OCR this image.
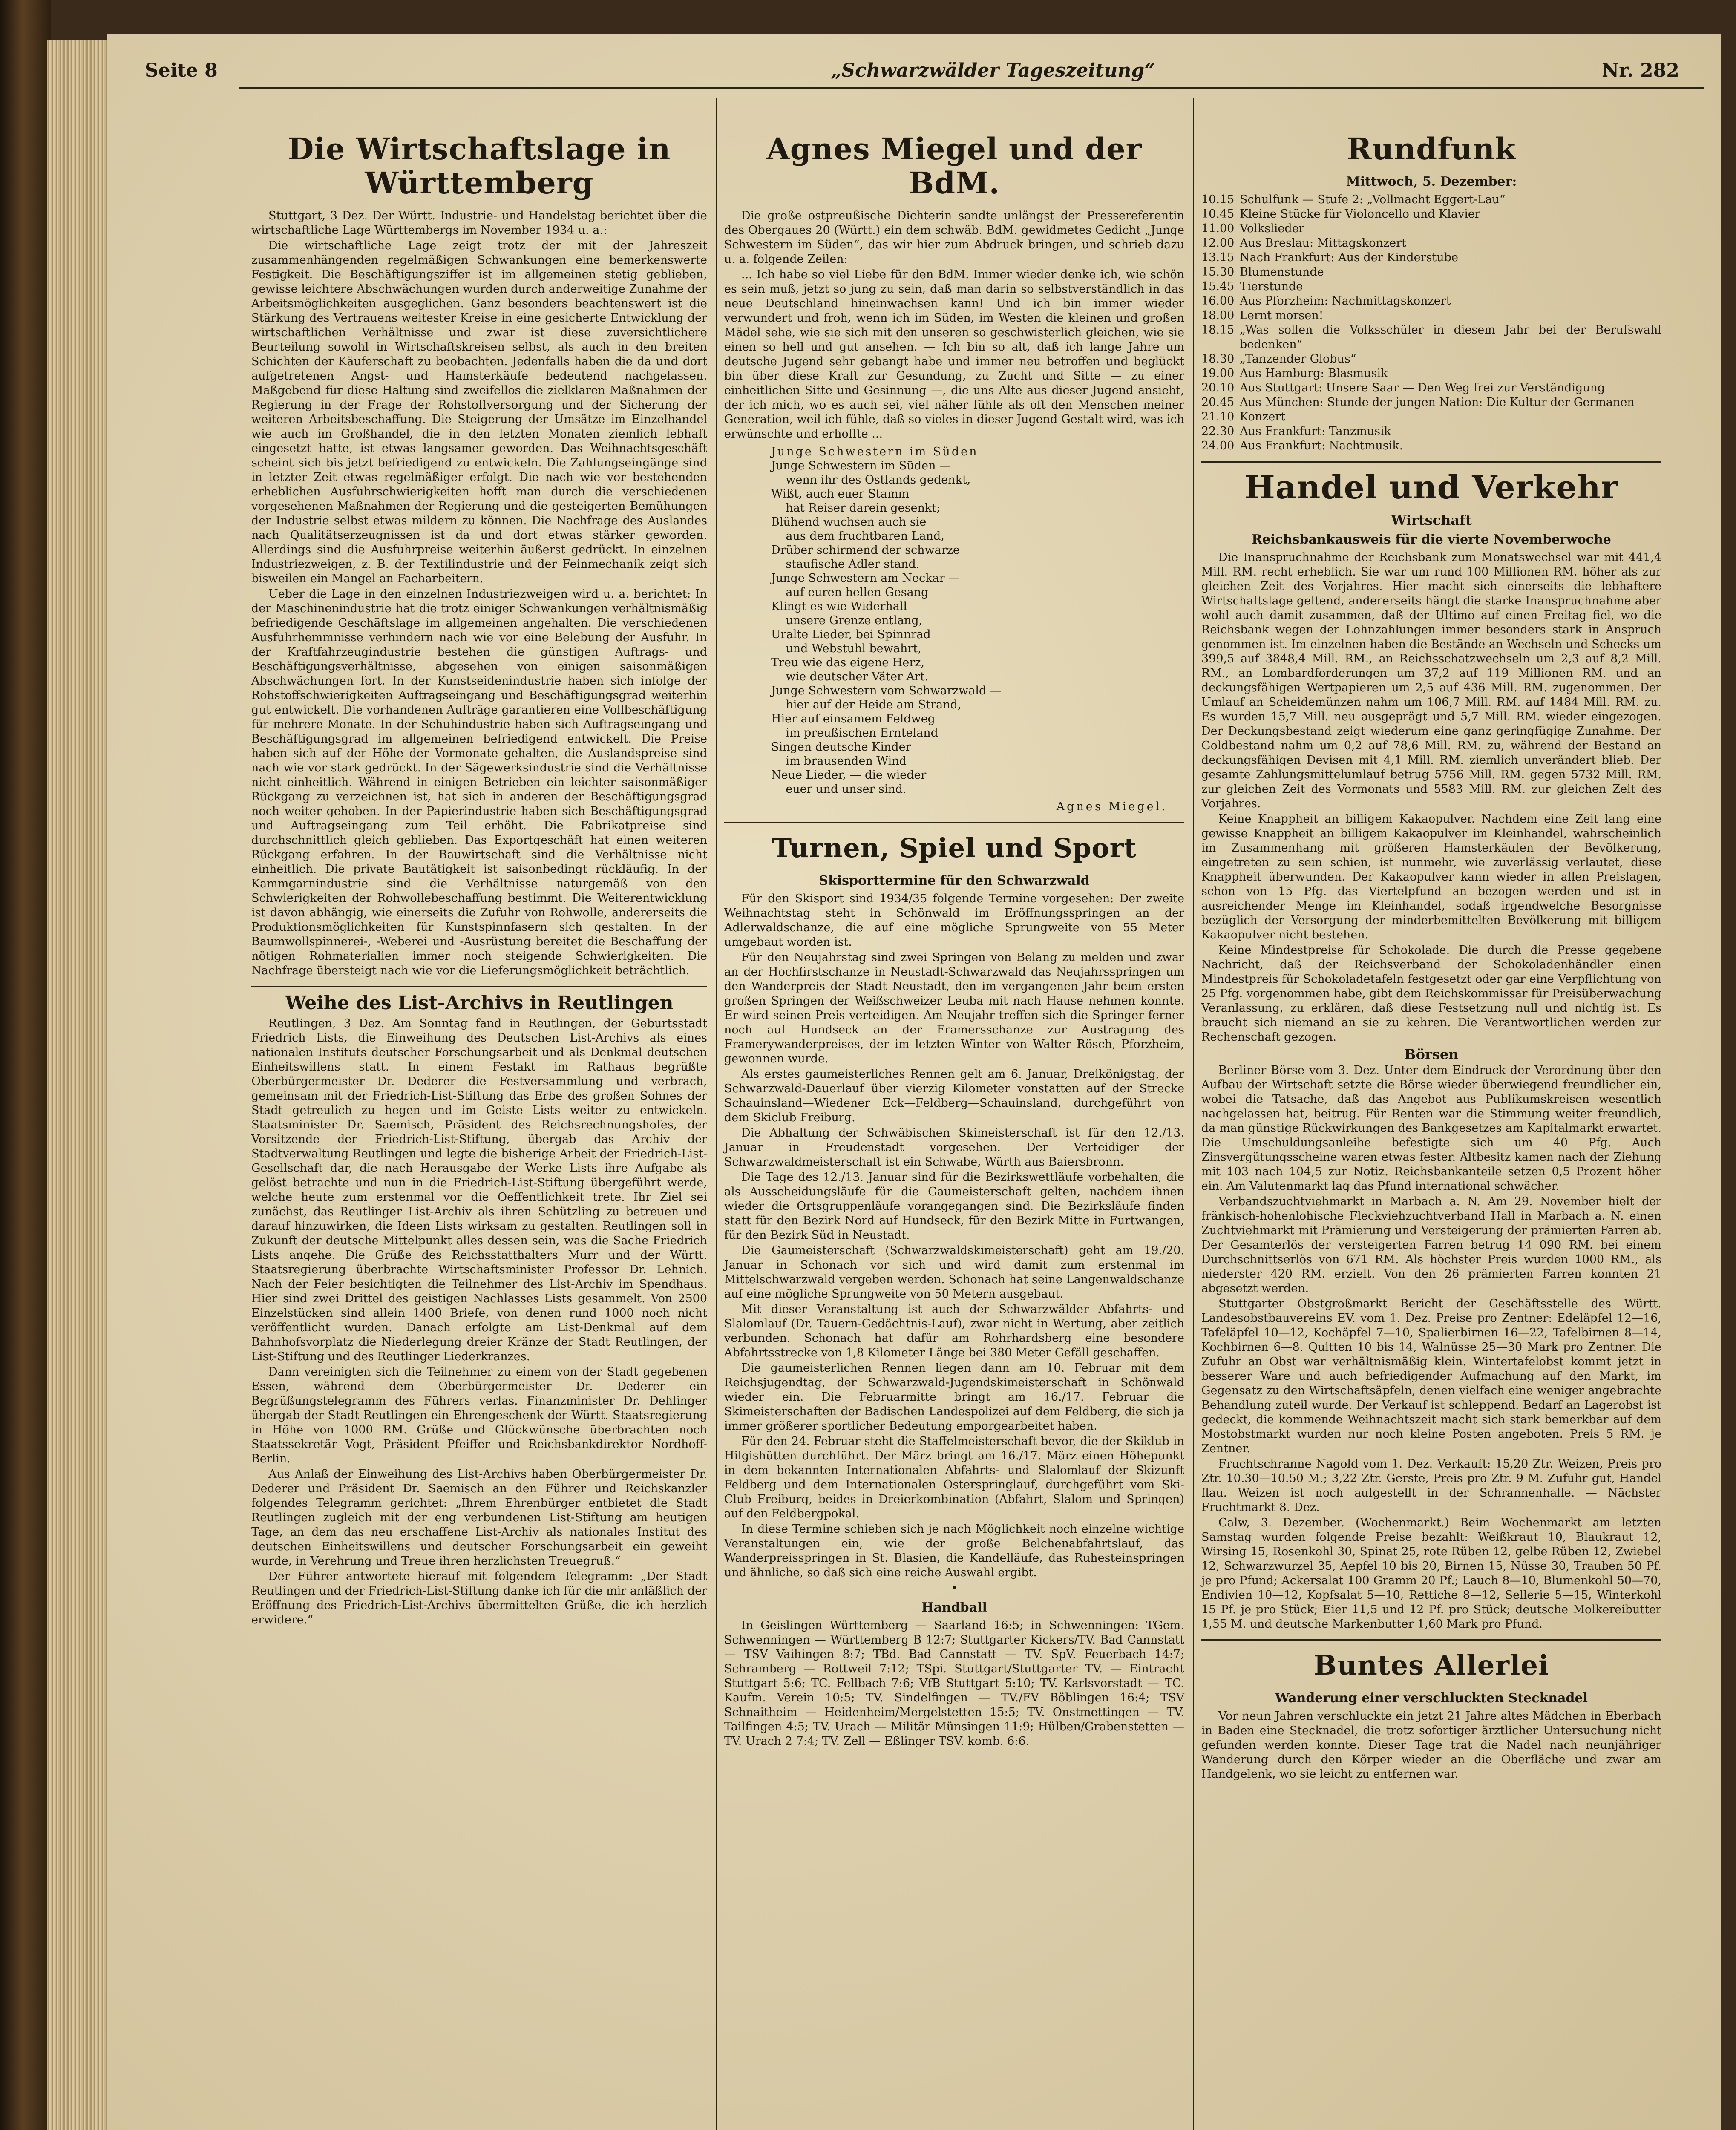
Seite 8	„Schwarzwälder Tageszeitung“	Nr. 282
Die Wirtschaftslage in Württemberg

Stuttgart, 3 Dez. Der Württ. Industrie- und Handelstag berichtet über die wirtschaftliche Lage Württembergs im November 1934 u. a.:

Die wirtschaftliche Lage zeigt trotz der mit der Jahreszeit zusammenhängenden regelmäßigen Schwankungen eine bemerkenswerte Festigkeit. Die Beschäftigungsziffer ist im allgemeinen stetig geblieben, gewisse leichtere Abschwächungen wurden durch anderweitige Zunahme der Arbeitsmöglichkeiten ausgeglichen. Ganz besonders beachtenswert ist die Stärkung des Vertrauens weitester Kreise in eine gesicherte Entwicklung der wirtschaftlichen Verhältnisse und zwar ist diese zuversichtlichere Beurteilung sowohl in Wirtschaftskreisen selbst, als auch in den breiten Schichten der Käuferschaft zu beobachten. Jedenfalls haben die da und dort aufgetretenen Angst- und Hamsterkäufe bedeutend nachgelassen. Maßgebend für diese Haltung sind zweifellos die zielklaren Maßnahmen der Regierung in der Frage der Rohstoffversorgung und der Sicherung der weiteren Arbeitsbeschaffung. Die Steigerung der Umsätze im Einzelhandel wie auch im Großhandel, die in den letzten Monaten ziemlich lebhaft eingesetzt hatte, ist etwas langsamer geworden. Das Weihnachtsgeschäft scheint sich bis jetzt befriedigend zu entwickeln. Die Zahlungseingänge sind in letzter Zeit etwas regelmäßiger erfolgt. Die nach wie vor bestehenden erheblichen Ausfuhrschwierigkeiten hofft man durch die verschiedenen vorgesehenen Maßnahmen der Regierung und die gesteigerten Bemühungen der Industrie selbst etwas mildern zu können. Die Nachfrage des Auslandes nach Qualitätserzeugnissen ist da und dort etwas stärker geworden. Allerdings sind die Ausfuhrpreise weiterhin äußerst gedrückt. In einzelnen Industriezweigen, z. B. der Textilindustrie und der Feinmechanik zeigt sich bisweilen ein Mangel an Facharbeitern.

Ueber die Lage in den einzelnen Industriezweigen wird u. a. berichtet: In der Maschinenindustrie hat die trotz einiger Schwankungen verhältnismäßig befriedigende Geschäftslage im allgemeinen angehalten. Die verschiedenen Ausfuhrhemmnisse verhindern nach wie vor eine Belebung der Ausfuhr. In der Kraftfahrzeugindustrie bestehen die günstigen Auftrags- und Beschäftigungsverhältnisse, abgesehen von einigen saisonmäßigen Abschwächungen fort. In der Kunstseidenindustrie haben sich infolge der Rohstoffschwierigkeiten Auftragseingang und Beschäftigungsgrad weiterhin gut entwickelt. Die vorhandenen Aufträge garantieren eine Vollbeschäftigung für mehrere Monate. In der Schuhindustrie haben sich Auftragseingang und Beschäftigungsgrad im allgemeinen befriedigend entwickelt. Die Preise haben sich auf der Höhe der Vormonate gehalten, die Auslandspreise sind nach wie vor stark gedrückt. In der Sägewerksindustrie sind die Verhältnisse nicht einheitlich. Während in einigen Betrieben ein leichter saisonmäßiger Rückgang zu verzeichnen ist, hat sich in anderen der Beschäftigungsgrad noch weiter gehoben. In der Papierindustrie haben sich Beschäftigungsgrad und Auftragseingang zum Teil erhöht. Die Fabrikatpreise sind durchschnittlich gleich geblieben. Das Exportgeschäft hat einen weiteren Rückgang erfahren. In der Bauwirtschaft sind die Verhältnisse nicht einheitlich. Die private Bautätigkeit ist saisonbedingt rückläufig. In der Kammgarnindustrie sind die Verhältnisse naturgemäß von den Schwierigkeiten der Rohwollebeschaffung bestimmt. Die Weiterentwicklung ist davon abhängig, wie einerseits die Zufuhr von Rohwolle, andererseits die Produktionsmöglichkeiten für Kunstspinnfasern sich gestalten. In der Baumwollspinnerei-, -Weberei und -Ausrüstung bereitet die Beschaffung der nötigen Rohmaterialien immer noch steigende Schwierigkeiten. Die Nachfrage übersteigt nach wie vor die Lieferungsmöglichkeit beträchtlich.

Weihe des List-Archivs in Reutlingen

Reutlingen, 3 Dez. Am Sonntag fand in Reutlingen, der Geburtsstadt Friedrich Lists, die Einweihung des Deutschen List-Archivs als eines nationalen Instituts deutscher Forschungsarbeit und als Denkmal deutschen Einheitswillens statt. In einem Festakt im Rathaus begrüßte Oberbürgermeister Dr. Dederer die Festversammlung und verbrach, gemeinsam mit der Friedrich-List-Stiftung das Erbe des großen Sohnes der Stadt getreulich zu hegen und im Geiste Lists weiter zu entwickeln. Staatsminister Dr. Saemisch, Präsident des Reichsrechnungshofes, der Vorsitzende der Friedrich-List-Stiftung, übergab das Archiv der Stadtverwaltung Reutlingen und legte die bisherige Arbeit der Friedrich-List-Gesellschaft dar, die nach Herausgabe der Werke Lists ihre Aufgabe als gelöst betrachte und nun in die Friedrich-List-Stiftung übergeführt werde, welche heute zum erstenmal vor die Oeffentlichkeit trete. Ihr Ziel sei zunächst, das Reutlinger List-Archiv als ihren Schützling zu betreuen und darauf hinzuwirken, die Ideen Lists wirksam zu gestalten. Reutlingen soll in Zukunft der deutsche Mittelpunkt alles dessen sein, was die Sache Friedrich Lists angehe. Die Grüße des Reichsstatthalters Murr und der Württ. Staatsregierung überbrachte Wirtschaftsminister Professor Dr. Lehnich. Nach der Feier besichtigten die Teilnehmer des List-Archiv im Spendhaus. Hier sind zwei Drittel des geistigen Nachlasses Lists gesammelt. Von 2500 Einzelstücken sind allein 1400 Briefe, von denen rund 1000 noch nicht veröffentlicht wurden. Danach erfolgte am List-Denkmal auf dem Bahnhofsvorplatz die Niederlegung dreier Kränze der Stadt Reutlingen, der List-Stiftung und des Reutlinger Liederkranzes.

Dann vereinigten sich die Teilnehmer zu einem von der Stadt gegebenen Essen, während dem Oberbürgermeister Dr. Dederer ein Begrüßungstelegramm des Führers verlas. Finanzminister Dr. Dehlinger übergab der Stadt Reutlingen ein Ehrengeschenk der Württ. Staatsregierung in Höhe von 1000 RM. Grüße und Glückwünsche überbrachten noch Staatssekretär Vogt, Präsident Pfeiffer und Reichsbankdirektor Nordhoff-Berlin.

Aus Anlaß der Einweihung des List-Archivs haben Oberbürgermeister Dr. Dederer und Präsident Dr. Saemisch an den Führer und Reichskanzler folgendes Telegramm gerichtet: „Ihrem Ehrenbürger entbietet die Stadt Reutlingen zugleich mit der eng verbundenen List-Stiftung am heutigen Tage, an dem das neu erschaffene List-Archiv als nationales Institut des deutschen Einheitswillens und deutscher Forschungsarbeit ein geweiht wurde, in Verehrung und Treue ihren herzlichsten Treuegruß.“

Der Führer antwortete hierauf mit folgendem Telegramm: „Der Stadt Reutlingen und der Friedrich-List-Stiftung danke ich für die mir anläßlich der Eröffnung des Friedrich-List-Archivs übermittelten Grüße, die ich herzlich erwidere.“

Agnes Miegel und der BdM.

Die große ostpreußische Dichterin sandte unlängst der Pressereferentin des Obergaues 20 (Württ.) ein dem schwäb. BdM. gewidmetes Gedicht „Junge Schwestern im Süden“, das wir hier zum Abdruck bringen, und schrieb dazu u. a. folgende Zeilen:

... Ich habe so viel Liebe für den BdM. Immer wieder denke ich, wie schön es sein muß, jetzt so jung zu sein, daß man darin so selbstverständlich in das neue Deutschland hineinwachsen kann! Und ich bin immer wieder verwundert und froh, wenn ich im Süden, im Westen die kleinen und großen Mädel sehe, wie sie sich mit den unseren so geschwisterlich gleichen, wie sie einen so hell und gut ansehen. — Ich bin so alt, daß ich lange Jahre um deutsche Jugend sehr gebangt habe und immer neu betroffen und beglückt bin über diese Kraft zur Gesundung, zu Zucht und Sitte — zu einer einheitlichen Sitte und Gesinnung —, die uns Alte aus dieser Jugend ansieht, der ich mich, wo es auch sei, viel näher fühle als oft den Menschen meiner Generation, weil ich fühle, daß so vieles in dieser Jugend Gestalt wird, was ich erwünschte und erhoffte ...

Junge Schwestern im Süden
Junge Schwestern im Süden —
wenn ihr des Ostlands gedenkt,
Wißt, auch euer Stamm
hat Reiser darein gesenkt;
Blühend wuchsen auch sie
aus dem fruchtbaren Land,
Drüber schirmend der schwarze
staufische Adler stand.
Junge Schwestern am Neckar —
auf euren hellen Gesang
Klingt es wie Widerhall
unsere Grenze entlang,
Uralte Lieder, bei Spinnrad
und Webstuhl bewahrt,
Treu wie das eigene Herz,
wie deutscher Väter Art.
Junge Schwestern vom Schwarzwald —
hier auf der Heide am Strand,
Hier auf einsamem Feldweg
im preußischen Ernteland
Singen deutsche Kinder
im brausenden Wind
Neue Lieder, — die wieder
euer und unser sind.
Agnes Miegel.
Turnen, Spiel und Sport
Skisporttermine für den Schwarzwald

Für den Skisport sind 1934/35 folgende Termine vorgesehen: Der zweite Weihnachtstag steht in Schönwald im Eröffnungsspringen an der Adlerwaldschanze, die auf eine mögliche Sprungweite von 55 Meter umgebaut worden ist.

Für den Neujahrstag sind zwei Springen von Belang zu melden und zwar an der Hochfirstschanze in Neustadt-Schwarzwald das Neujahrsspringen um den Wanderpreis der Stadt Neustadt, den im vergangenen Jahr beim ersten großen Springen der Weißschweizer Leuba mit nach Hause nehmen konnte. Er wird seinen Preis verteidigen. Am Neujahr treffen sich die Springer ferner noch auf Hundseck an der Framersschanze zur Austragung des Framerywanderpreises, der im letzten Winter von Walter Rösch, Pforzheim, gewonnen wurde.

Als erstes gaumeisterliches Rennen gelt am 6. Januar, Dreikönigstag, der Schwarzwald-Dauerlauf über vierzig Kilometer vonstatten auf der Strecke Schauinsland—Wiedener Eck—Feldberg—Schauinsland, durchgeführt von dem Skiclub Freiburg.

Die Abhaltung der Schwäbischen Skimeisterschaft ist für den 12./13. Januar in Freudenstadt vorgesehen. Der Verteidiger der Schwarzwaldmeisterschaft ist ein Schwabe, Würth aus Baiersbronn.

Die Tage des 12./13. Januar sind für die Bezirkswettläufe vorbehalten, die als Ausscheidungsläufe für die Gaumeisterschaft gelten, nachdem ihnen wieder die Ortsgruppenläufe vorangegangen sind. Die Bezirksläufe finden statt für den Bezirk Nord auf Hundseck, für den Bezirk Mitte in Furtwangen, für den Bezirk Süd in Neustadt.

Die Gaumeisterschaft (Schwarzwaldskimeisterschaft) geht am 19./20. Januar in Schonach vor sich und wird damit zum erstenmal im Mittelschwarzwald vergeben werden. Schonach hat seine Langenwaldschanze auf eine mögliche Sprungweite von 50 Metern ausgebaut.

Mit dieser Veranstaltung ist auch der Schwarzwälder Abfahrts- und Slalomlauf (Dr. Tauern-Gedächtnis-Lauf), zwar nicht in Wertung, aber zeitlich verbunden. Schonach hat dafür am Rohrhardsberg eine besondere Abfahrtsstrecke von 1,8 Kilometer Länge bei 380 Meter Gefäll geschaffen.

Die gaumeisterlichen Rennen liegen dann am 10. Februar mit dem Reichsjugendtag, der Schwarzwald-Jugendskimeisterschaft in Schönwald wieder ein. Die Februarmitte bringt am 16./17. Februar die Skimeisterschaften der Badischen Landespolizei auf dem Feldberg, die sich ja immer größerer sportlicher Bedeutung emporgearbeitet haben.

Für den 24. Februar steht die Staffelmeisterschaft bevor, die der Skiklub in Hilgishütten durchführt. Der März bringt am 16./17. März einen Höhepunkt in dem bekannten Internationalen Abfahrts- und Slalomlauf der Skizunft Feldberg und dem Internationalen Osterspringlauf, durchgeführt vom Ski-Club Freiburg, beides in Dreierkombination (Abfahrt, Slalom und Springen) auf den Feldbergpokal.

In diese Termine schieben sich je nach Möglichkeit noch einzelne wichtige Veranstaltungen ein, wie der große Belchenabfahrtslauf, das Wanderpreisspringen in St. Blasien, die Kandelläufe, das Ruhesteinspringen und ähnliche, so daß sich eine reiche Auswahl ergibt.

•
Handball

In Geislingen Württemberg — Saarland 16:5; in Schwenningen: TGem. Schwenningen — Württemberg B 12:7; Stuttgarter Kickers/TV. Bad Cannstatt — TSV Vaihingen 8:7; TBd. Bad Cannstatt — TV. SpV. Feuerbach 14:7; Schramberg — Rottweil 7:12; TSpi. Stuttgart/Stuttgarter TV. — Eintracht Stuttgart 5:6; TC. Fellbach 7:6; VfB Stuttgart 5:10; TV. Karlsvorstadt — TC. Kaufm. Verein 10:5; TV. Sindelfingen — TV./FV Böblingen 16:4; TSV Schnaitheim — Heidenheim/Mergelstetten 15:5; TV. Onstmettingen — TV. Tailfingen 4:5; TV. Urach — Militär Münsingen 11:9; Hülben/Grabenstetten — TV. Urach 2 7:4; TV. Zell — Eßlinger TSV. komb. 6:6.

Rundfunk
Mittwoch, 5. Dezember:
10.15 Schulfunk — Stufe 2: „Vollmacht Eggert-Lau“
10.45 Kleine Stücke für Violoncello und Klavier
11.00 Volkslieder
12.00 Aus Breslau: Mittagskonzert
13.15 Nach Frankfurt: Aus der Kinderstube
15.30 Blumenstunde
15.45 Tierstunde
16.00 Aus Pforzheim: Nachmittagskonzert
18.00 Lernt morsen!
18.15 „Was sollen die Volksschüler in diesem Jahr bei der Berufswahl bedenken“
18.30 „Tanzender Globus“
19.00 Aus Hamburg: Blasmusik
20.10 Aus Stuttgart: Unsere Saar — Den Weg frei zur Verständigung
20.45 Aus München: Stunde der jungen Nation: Die Kultur der Germanen
21.10 Konzert
22.30 Aus Frankfurt: Tanzmusik
24.00 Aus Frankfurt: Nachtmusik.
Handel und Verkehr
Wirtschaft
Reichsbankausweis für die vierte Novemberwoche

Die Inanspruchnahme der Reichsbank zum Monatswechsel war mit 441,4 Mill. RM. recht erheblich. Sie war um rund 100 Millionen RM. höher als zur gleichen Zeit des Vorjahres. Hier macht sich einerseits die lebhaftere Wirtschaftslage geltend, andererseits hängt die starke Inanspruchnahme aber wohl auch damit zusammen, daß der Ultimo auf einen Freitag fiel, wo die Reichsbank wegen der Lohnzahlungen immer besonders stark in Anspruch genommen ist. Im einzelnen haben die Bestände an Wechseln und Schecks um 399,5 auf 3848,4 Mill. RM., an Reichsschatzwechseln um 2,3 auf 8,2 Mill. RM., an Lombardforderungen um 37,2 auf 119 Millionen RM. und an deckungsfähigen Wertpapieren um 2,5 auf 436 Mill. RM. zugenommen. Der Umlauf an Scheidemünzen nahm um 106,7 Mill. RM. auf 1484 Mill. RM. zu. Es wurden 15,7 Mill. neu ausgeprägt und 5,7 Mill. RM. wieder eingezogen. Der Deckungsbestand zeigt wiederum eine ganz geringfügige Zunahme. Der Goldbestand nahm um 0,2 auf 78,6 Mill. RM. zu, während der Bestand an deckungsfähigen Devisen mit 4,1 Mill. RM. ziemlich unverändert blieb. Der gesamte Zahlungsmittelumlauf betrug 5756 Mill. RM. gegen 5732 Mill. RM. zur gleichen Zeit des Vormonats und 5583 Mill. RM. zur gleichen Zeit des Vorjahres.

Keine Knappheit an billigem Kakaopulver. Nachdem eine Zeit lang eine gewisse Knappheit an billigem Kakaopulver im Kleinhandel, wahrscheinlich im Zusammenhang mit größeren Hamsterkäufen der Bevölkerung, eingetreten zu sein schien, ist nunmehr, wie zuverlässig verlautet, diese Knappheit überwunden. Der Kakaopulver kann wieder in allen Preislagen, schon von 15 Pfg. das Viertelpfund an bezogen werden und ist in ausreichender Menge im Kleinhandel, sodaß irgendwelche Besorgnisse bezüglich der Versorgung der minderbemittelten Bevölkerung mit billigem Kakaopulver nicht bestehen.

Keine Mindestpreise für Schokolade. Die durch die Presse gegebene Nachricht, daß der Reichsverband der Schokoladenhändler einen Mindestpreis für Schokoladetafeln festgesetzt oder gar eine Verpflichtung von 25 Pfg. vorgenommen habe, gibt dem Reichskommissar für Preisüberwachung Veranlassung, zu erklären, daß diese Festsetzung null und nichtig ist. Es braucht sich niemand an sie zu kehren. Die Verantwortlichen werden zur Rechenschaft gezogen.

Börsen

Berliner Börse vom 3. Dez. Unter dem Eindruck der Verordnung über den Aufbau der Wirtschaft setzte die Börse wieder überwiegend freundlicher ein, wobei die Tatsache, daß das Angebot aus Publikumskreisen wesentlich nachgelassen hat, beitrug. Für Renten war die Stimmung weiter freundlich, da man günstige Rückwirkungen des Bankgesetzes am Kapitalmarkt erwartet. Die Umschuldungsanleihe befestigte sich um 40 Pfg. Auch Zinsvergütungsscheine waren etwas fester. Altbesitz kamen nach der Ziehung mit 103 nach 104,5 zur Notiz. Reichsbankanteile setzen 0,5 Prozent höher ein. Am Valutenmarkt lag das Pfund international schwächer.

Verbandszuchtviehmarkt in Marbach a. N. Am 29. November hielt der fränkisch-hohenlohische Fleckviehzuchtverband Hall in Marbach a. N. einen Zuchtviehmarkt mit Prämierung und Versteigerung der prämierten Farren ab. Der Gesamterlös der versteigerten Farren betrug 14 090 RM. bei einem Durchschnittserlös von 671 RM. Als höchster Preis wurden 1000 RM., als niederster 420 RM. erzielt. Von den 26 prämierten Farren konnten 21 abgesetzt werden.

Stuttgarter Obstgroßmarkt Bericht der Geschäftsstelle des Württ. Landesobstbauvereins EV. vom 1. Dez. Preise pro Zentner: Edeläpfel 12—16, Tafeläpfel 10—12, Kochäpfel 7—10, Spalierbirnen 16—22, Tafelbirnen 8—14, Kochbirnen 6—8. Quitten 10 bis 14, Walnüsse 25—30 Mark pro Zentner. Die Zufuhr an Obst war verhältnismäßig klein. Wintertafelobst kommt jetzt in besserer Ware und auch befriedigender Aufmachung auf den Markt, im Gegensatz zu den Wirtschaftsäpfeln, denen vielfach eine weniger angebrachte Behandlung zuteil wurde. Der Verkauf ist schleppend. Bedarf an Lagerobst ist gedeckt, die kommende Weihnachtszeit macht sich stark bemerkbar auf dem Mostobstmarkt wurden nur noch kleine Posten angeboten. Preis 5 RM. je Zentner.

Fruchtschranne Nagold vom 1. Dez. Verkauft: 15,20 Ztr. Weizen, Preis pro Ztr. 10.30—10.50 M.; 3,22 Ztr. Gerste, Preis pro Ztr. 9 M. Zufuhr gut, Handel flau. Weizen ist noch aufgestellt in der Schrannenhalle. — Nächster Fruchtmarkt 8. Dez.

Calw, 3. Dezember. (Wochenmarkt.) Beim Wochenmarkt am letzten Samstag wurden folgende Preise bezahlt: Weißkraut 10, Blaukraut 12, Wirsing 15, Rosenkohl 30, Spinat 25, rote Rüben 12, gelbe Rüben 12, Zwiebel 12, Schwarzwurzel 35, Aepfel 10 bis 20, Birnen 15, Nüsse 30, Trauben 50 Pf. je pro Pfund; Ackersalat 100 Gramm 20 Pf.; Lauch 8—10, Blumenkohl 50—70, Endivien 10—12, Kopfsalat 5—10, Rettiche 8—12, Sellerie 5—15, Winterkohl 15 Pf. je pro Stück; Eier 11,5 und 12 Pf. pro Stück; deutsche Molkereibutter 1,55 M. und deutsche Markenbutter 1,60 Mark pro Pfund.

Buntes Allerlei
Wanderung einer verschluckten Stecknadel

Vor neun Jahren verschluckte ein jetzt 21 Jahre altes Mädchen in Eberbach in Baden eine Stecknadel, die trotz sofortiger ärztlicher Untersuchung nicht gefunden werden konnte. Dieser Tage trat die Nadel nach neunjähriger Wanderung durch den Körper wieder an die Oberfläche und zwar am Handgelenk, wo sie leicht zu entfernen war.
